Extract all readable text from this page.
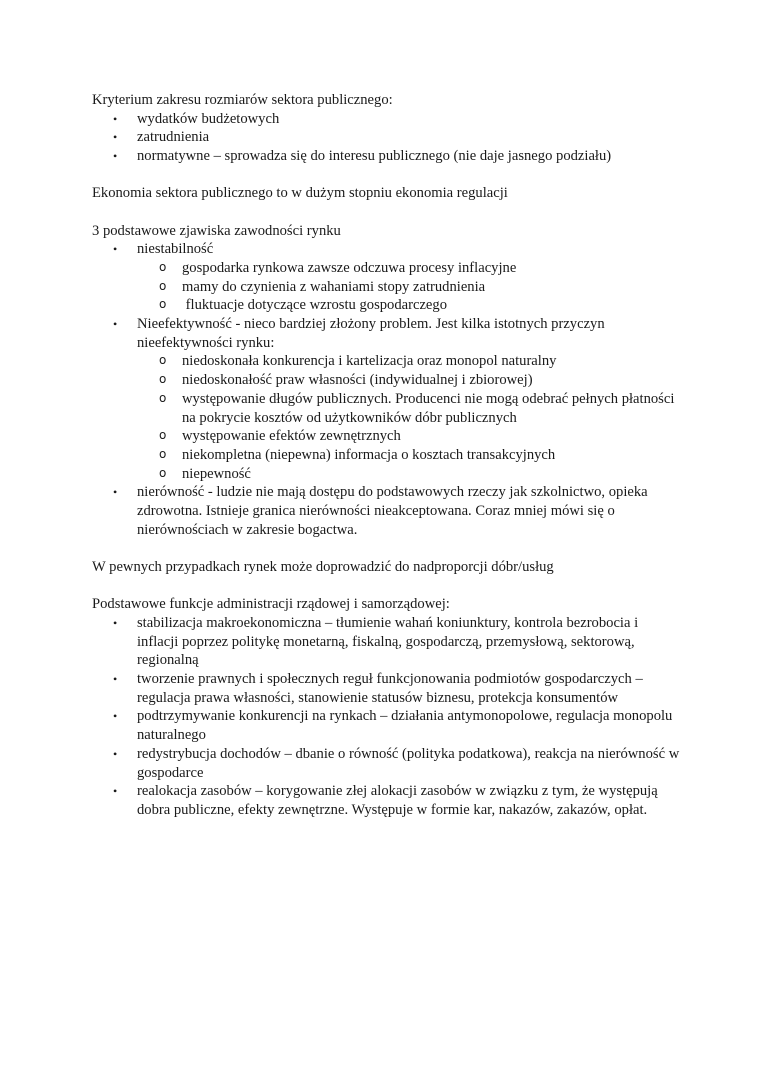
Kryterium zakresu rozmiarów sektora publicznego:

• wydatków budżetowych
• zatrudnienia
• normatywne – sprowadza się do interesu publicznego (nie daje jasnego podziału)

Ekonomia sektora publicznego to w dużym stopniu ekonomia regulacji

3 podstawowe zjawiska zawodności rynku

• niestabilność
o gospodarka rynkowa zawsze odczuwa procesy inflacyjne
o mamy do czynienia z wahaniami stopy zatrudnienia
o fluktuacje dotyczące wzrostu gospodarczego
• Nieefektywność - nieco bardziej złożony problem. Jest kilka istotnych przyczyn nieefektywności rynku:
o niedoskonała konkurencja i kartelizacja oraz monopol naturalny
o niedoskonałość praw własności (indywidualnej i zbiorowej)
o występowanie długów publicznych. Producenci nie mogą odebrać pełnych płatności na pokrycie kosztów od użytkowników dóbr publicznych
o występowanie efektów zewnętrznych
o niekompletna (niepewna) informacja o kosztach transakcyjnych
o niepewność
• nierówność - ludzie nie mają dostępu do podstawowych rzeczy jak szkolnictwo, opieka zdrowotna. Istnieje granica nierówności nieakceptowana. Coraz mniej mówi się o nierównościach w zakresie bogactwa.

W pewnych przypadkach rynek może doprowadzić do nadproporcji dóbr/usług

Podstawowe funkcje administracji rządowej i samorządowej:

• stabilizacja makroekonomiczna – tłumienie wahań koniunktury, kontrola bezrobocia i inflacji poprzez politykę monetarną, fiskalną, gospodarczą, przemysłową, sektorową, regionalną
• tworzenie prawnych i społecznych reguł funkcjonowania podmiotów gospodarczych – regulacja prawa własności, stanowienie statusów biznesu, protekcja konsumentów
• podtrzymywanie konkurencji na rynkach – działania antymonopolowe, regulacja monopolu naturalnego
• redystrybucja dochodów – dbanie o równość (polityka podatkowa), reakcja na nierówność w gospodarce
• realokacja zasobów – korygowanie złej alokacji zasobów w związku z tym, że występują dobra publiczne, efekty zewnętrzne. Występuje w formie kar, nakazów, zakazów, opłat.
